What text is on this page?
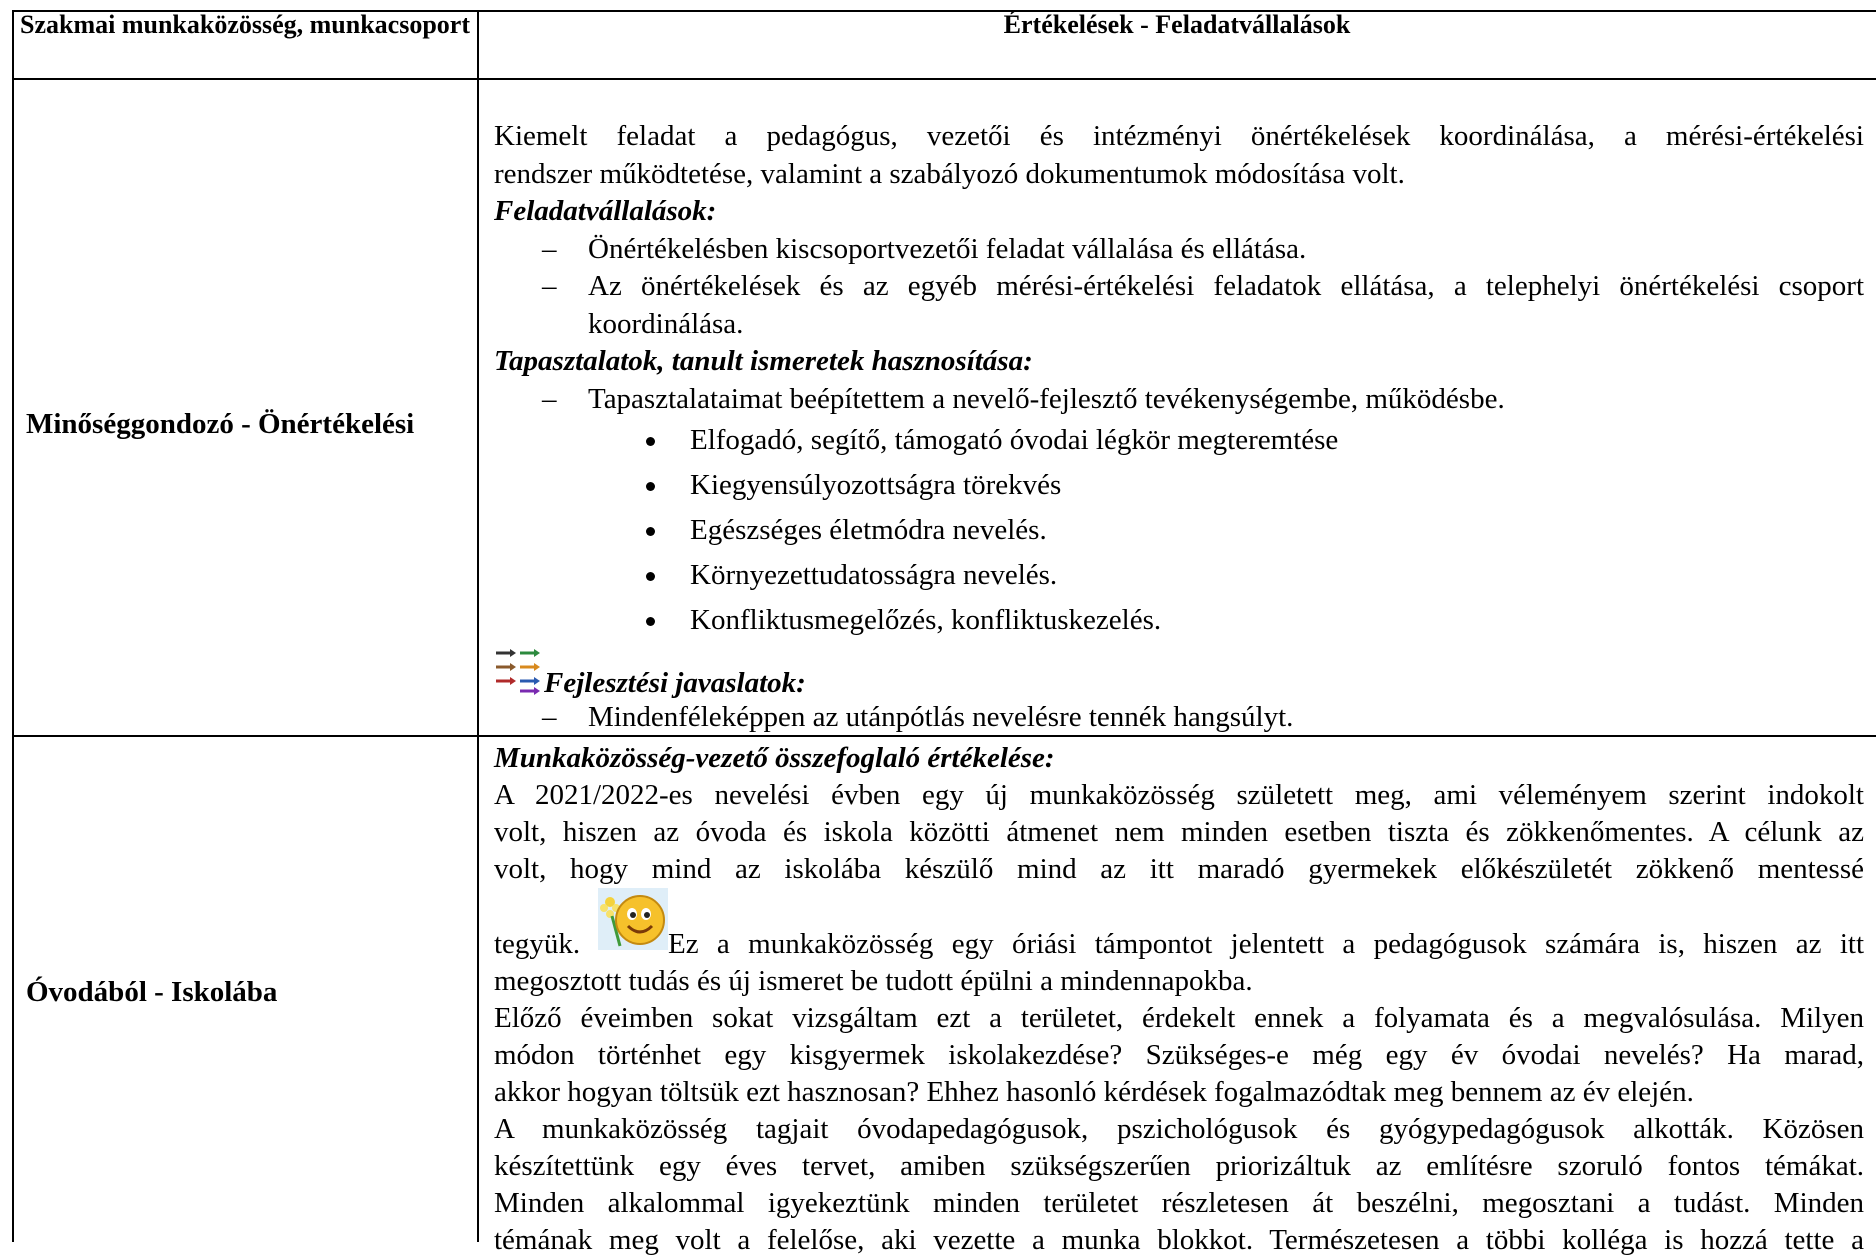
Szakmai munkaközösség, munkacsoport	Értékelések - Feladatvállalások
Minőséggondozó - Önértékelési
Óvodából - Iskolába

Kiemelt feladat a pedagógus, vezetői és intézményi önértékelések koordinálása, a mérési-értékelési

rendszer működtetése, valamint a szabályozó dokumentumok módosítása volt.

Feladatvállalások:

– Önértékelésben kiscsoportvezetői feladat vállalása és ellátása.
– Az önértékelések és az egyéb mérési-értékelési feladatok ellátása, a telephelyi önértékelési csoport
koordinálása.

Tapasztalatok, tanult ismeretek hasznosítása:

– Tapasztalataimat beépítettem a nevelő-fejlesztő tevékenységembe, működésbe.
Elfogadó, segítő, támogató óvodai légkör megteremtése
Kiegyensúlyozottságra törekvés
Egészséges életmódra nevelés.
Környezettudatosságra nevelés.
Konfliktusmegelőzés, konfliktuskezelés.
Fejlesztési javaslatok:
– Mindenféleképpen az utánpótlás nevelésre tennék hangsúlyt.

Munkaközösség-vezető összefoglaló értékelése:

A 2021/2022-es nevelési évben egy új munkaközösség született meg, ami véleményem szerint indokolt

volt, hiszen az óvoda és iskola közötti átmenet nem minden esetben tiszta és zökkenőmentes. A célunk az

volt, hogy mind az iskolába készülő mind az itt maradó gyermekek előkészületét zökkenő mentessé

tegyük.	Ez a munkaközösség egy óriási támpontot jelentett a pedagógusok számára is, hiszen az itt

megosztott tudás és új ismeret be tudott épülni a mindennapokba.

Előző éveimben sokat vizsgáltam ezt a területet, érdekelt ennek a folyamata és a megvalósulása. Milyen

módon történhet egy kisgyermek iskolakezdése? Szükséges-e még egy év óvodai nevelés? Ha marad,

akkor hogyan töltsük ezt hasznosan? Ehhez hasonló kérdések fogalmazódtak meg bennem az év elején.

A munkaközösség tagjait óvodapedagógusok, pszichológusok és gyógypedagógusok alkották. Közösen

készítettünk egy éves tervet, amiben szükségszerűen priorizáltuk az említésre szoruló fontos témákat.

Minden alkalommal igyekeztünk minden területet részletesen át beszélni, megosztani a tudást. Minden

témának meg volt a felelőse, aki vezette a munka blokkot. Természetesen a többi kolléga is hozzá tette a
